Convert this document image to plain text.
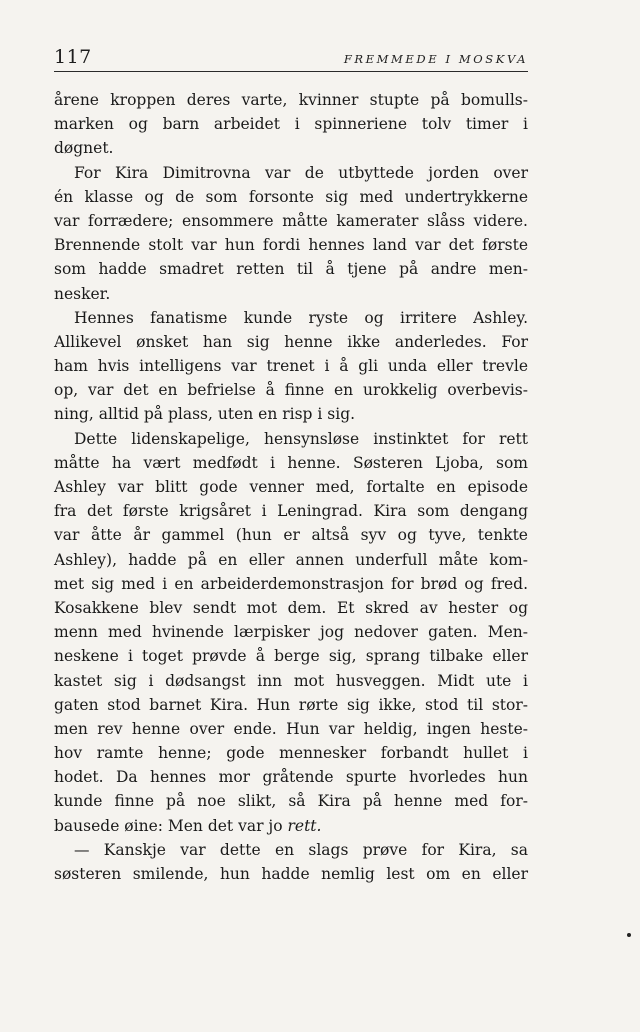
117	FREMMEDE I MOSKVA
årene kroppen deres varte, kvinner stupte på bomulls-
marken og barn arbeidet i spinneriene tolv timer i
døgnet.
For Kira Dimitrovna var de utbyttede jorden over
én klasse og de som forsonte sig med undertrykkerne
var forrædere; ensommere måtte kamerater slåss videre.
Brennende stolt var hun fordi hennes land var det første
som hadde smadret retten til å tjene på andre men-
nesker.
Hennes fanatisme kunde ryste og irritere Ashley.
Allikevel ønsket han sig henne ikke anderledes. For
ham hvis intelligens var trenet i å gli unda eller trevle
op, var det en befrielse å finne en urokkelig overbevis-
ning, alltid på plass, uten en risp i sig.
Dette lidenskapelige, hensynsløse instinktet for rett
måtte ha vært medfødt i henne. Søsteren Ljoba, som
Ashley var blitt gode venner med, fortalte en episode
fra det første krigsåret i Leningrad. Kira som dengang
var åtte år gammel (hun er altså syv og tyve, tenkte
Ashley), hadde på en eller annen underfull måte kom-
met sig med i en arbeiderdemonstrasjon for brød og fred.
Kosakkene blev sendt mot dem. Et skred av hester og
menn med hvinende lærpisker jog nedover gaten. Men-
neskene i toget prøvde å berge sig, sprang tilbake eller
kastet sig i dødsangst inn mot husveggen. Midt ute i
gaten stod barnet Kira. Hun rørte sig ikke, stod til stor-
men rev henne over ende. Hun var heldig, ingen heste-
hov ramte henne; gode mennesker forbandt hullet i
hodet. Da hennes mor gråtende spurte hvorledes hun
kunde finne på noe slikt, så Kira på henne med for-
bausede øine: Men det var jo rett.
— Kanskje var dette en slags prøve for Kira, sa
søsteren smilende, hun hadde nemlig lest om en eller
